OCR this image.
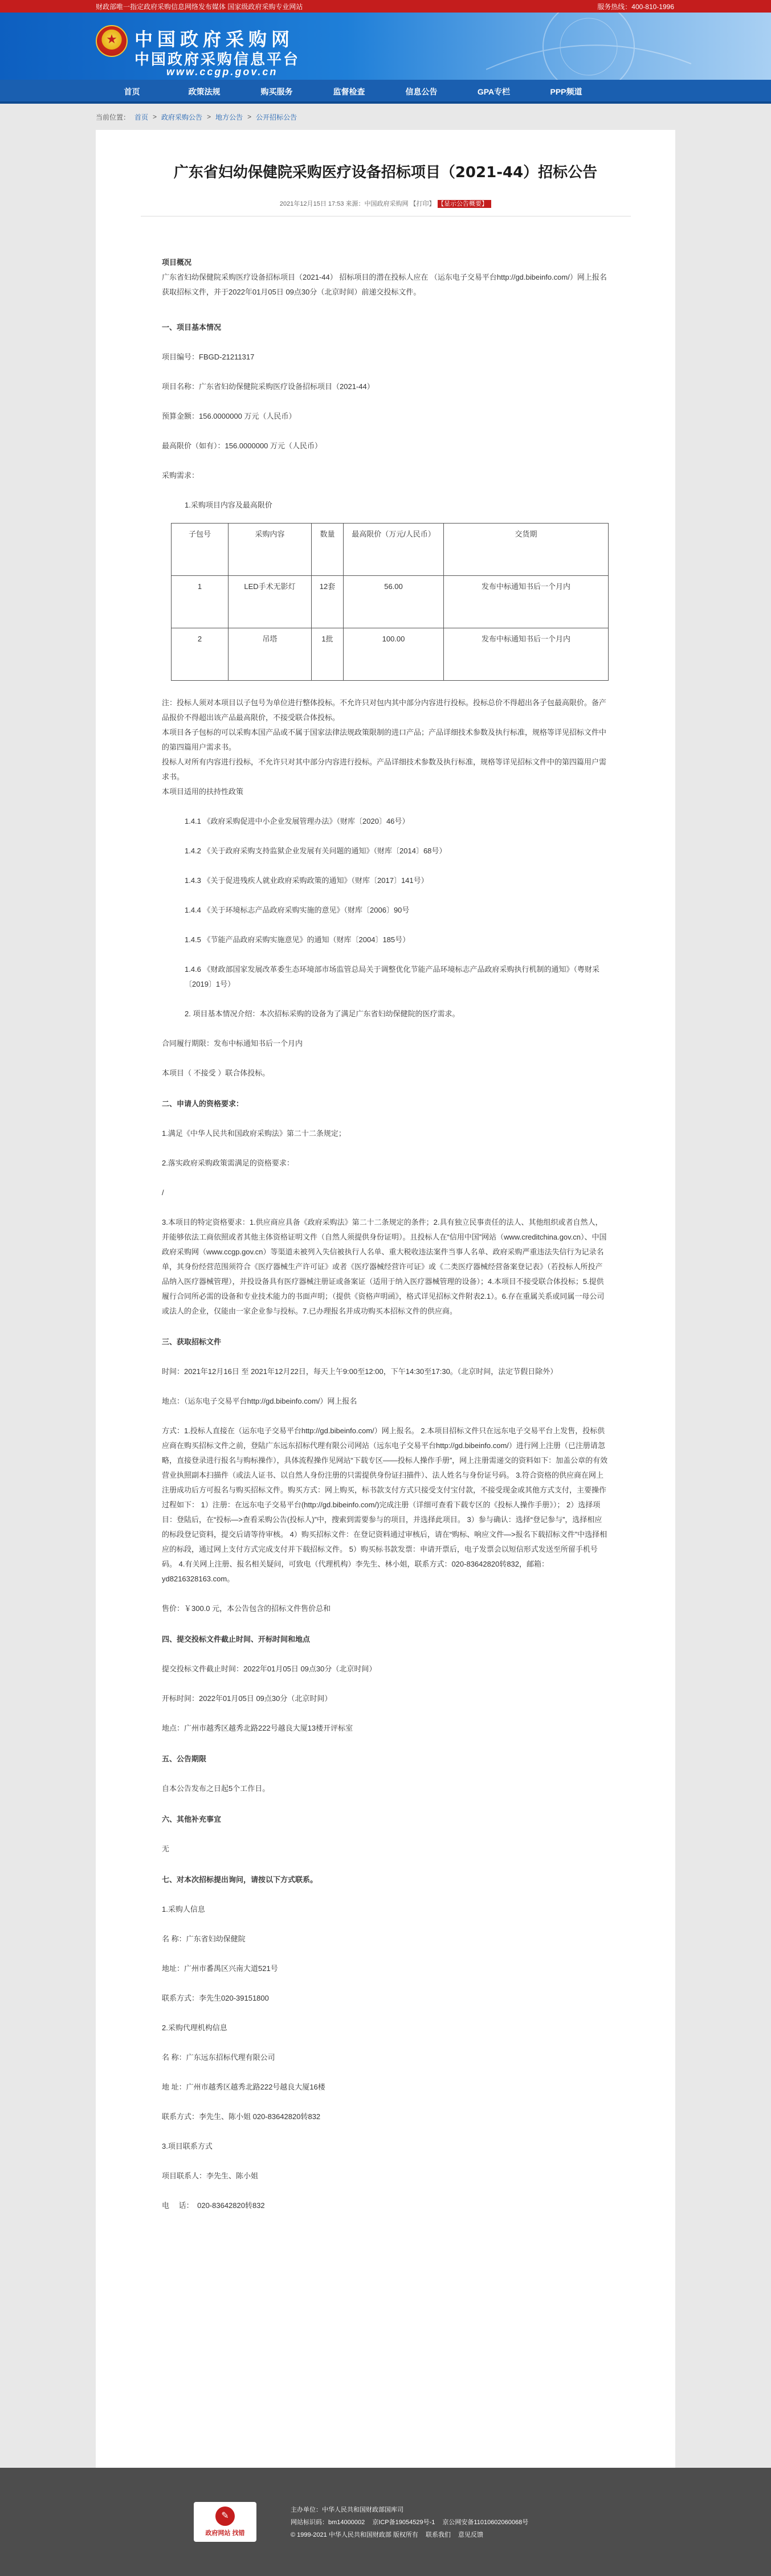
财政部唯一指定政府采购信息网络发布媒体 国家级政府采购专业网站	服务热线：400-810-1996
★
中国政府采购网
中国政府采购信息平台
www.ccgp.gov.cn
首页	政策法规	购买服务	监督检查	信息公告	GPA专栏	PPP频道
当前位置： 首页 > 政府采购公告 > 地方公告 > 公开招标公告
广东省妇幼保健院采购医疗设备招标项目（2021-44）招标公告
2021年12月15日 17:53 来源：中国政府采购网 【打印】 【显示公告概要】

项目概况

广东省妇幼保健院采购医疗设备招标项目（2021-44） 招标项目的潜在投标人应在 （运东电子交易平台http://gd.bibeinfo.com/）网上报名获取招标文件，并于2022年01月05日 09点30分（北京时间）前递交投标文件。

一、项目基本情况

项目编号：FBGD-21211317

项目名称：广东省妇幼保健院采购医疗设备招标项目（2021-44）

预算金额：156.0000000 万元（人民币）

最高限价（如有）：156.0000000 万元（人民币）

采购需求：

1.采购项目内容及最高限价

子包号	采购内容	数量	最高限价（万元/人民币）	交货期
1	LED手术无影灯	12套	56.00	发布中标通知书后一个月内
2	吊塔	1批	100.00	发布中标通知书后一个月内

注：投标人须对本项目以子包号为单位进行整体投标。不允许只对包内其中部分内容进行投标。投标总价不得超出各子包最高限价。备产品报价不得超出该产品最高限价，不接受联合体投标。

本项目各子包标的可以采购本国产品或不属于国家法律法规政策限制的进口产品；产品详细技术参数及执行标准，规格等详见招标文件中的第四篇用户需求书。

投标人对所有内容进行投标，不允许只对其中部分内容进行投标。产品详细技术参数及执行标准，规格等详见招标文件中的第四篇用户需求书。

本项目适用的扶持性政策

1.4.1 《政府采购促进中小企业发展管理办法》（财库〔2020〕46号）

1.4.2 《关于政府采购支持监狱企业发展有关问题的通知》（财库〔2014〕68号）

1.4.3 《关于促进残疾人就业政府采购政策的通知》（财库〔2017〕141号）

1.4.4 《关于环境标志产品政府采购实施的意见》（财库〔2006〕90号

1.4.5 《节能产品政府采购实施意见》的通知（财库〔2004〕185号）

1.4.6 《财政部国家发展改革委生态环境部市场监管总局关于调整优化节能产品环境标志产品政府采购执行机制的通知》（粤财采〔2019〕1号）

2. 项目基本情况介绍：本次招标采购的设备为了满足广东省妇幼保健院的医疗需求。

合同履行期限：发布中标通知书后一个月内

本项目（ 不接受 ）联合体投标。

二、申请人的资格要求：

1.满足《中华人民共和国政府采购法》第二十二条规定；

2.落实政府采购政策需满足的资格要求：

/

3.本项目的特定资格要求：1.供应商应具备《政府采购法》第二十二条规定的条件；2.具有独立民事责任的法人、其他组织或者自然人，并能够依法工商依照或者其他主体资格证明文件（自然人须提供身份证明）。且投标人在“信用中国”网站（www.creditchina.gov.cn）、中国政府采购网（www.ccgp.gov.cn）等渠道未被列入失信被执行人名单、重大税收违法案件当事人名单、政府采购严重违法失信行为记录名单，其身份经营范围须符合《医疗器械生产许可证》或者《医疗器械经营许可证》或《二类医疗器械经营备案登记表》（若投标人所投产品纳入医疗器械管理），并投设备具有医疗器械注册证或备案证（适用于纳入医疗器械管理的设备）；4.本项目不接受联合体投标；5.提供履行合同所必需的设备和专业技术能力的书面声明；（提供《资格声明函》，格式详见招标文件附表2.1）。6.存在重属关系或同属一母公司或法人的企业，仅能由一家企业参与投标。7.已办理报名并成功购买本招标文件的供应商。

三、获取招标文件

时间：2021年12月16日 至 2021年12月22日，每天上午9:00至12:00，下午14:30至17:30。（北京时间，法定节假日除外）

地点：（运东电子交易平台http://gd.bibeinfo.com/）网上报名

方式：1.投标人直接在（运东电子交易平台http://gd.bibeinfo.com/）网上报名。 2.本项目招标文件只在远东电子交易平台上发售，投标供应商在购买招标文件之前，登陆广东远东招标代理有限公司网站（远东电子交易平台http://gd.bibeinfo.com/）进行网上注册（已注册请忽略，直接登录进行报名与购标操作），具体流程操作见网站“下载专区——投标人操作手册”，网上注册需递交的资料如下：加盖公章的有效营业执照副本扫描件（或法人证书、以自然人身份注册的只需提供身份证扫描件）、法人姓名与身份证号码。 3.符合资格的供应商在网上注册成功后方可报名与购买招标文件。购买方式：网上购买，标书款支付方式只接受支付宝付款，不接受现金或其他方式支付，主要操作过程如下： 1）注册：在远东电子交易平台(http://gd.bibeinfo.com/)完成注册（详细可查看下载专区的《投标人操作手册》）； 2）选择项目：登陆后，在“投标—>查看采购公告(投标人)”中，搜索到需要参与的项目，并选择此项目。 3）参与确认：选择“登记参与”，选择相应的标段登记资料，提交后请等待审核。 4）购买招标文件：在登记资料通过审核后，请在“购标、响应文件—>报名下载招标文件”中选择相应的标段，通过网上支付方式完成支付并下载招标文件。 5）购买标书款发票：申请开票后，电子发票会以短信形式发送至所留手机号码。 4.有关网上注册、报名相关疑问，可致电（代理机构）李先生、林小姐，联系方式：020-83642820转832，邮箱：yd8216328163.com。

售价：￥300.0 元，本公告包含的招标文件售价总和

四、提交投标文件截止时间、开标时间和地点

提交投标文件截止时间：2022年01月05日 09点30分（北京时间）

开标时间：2022年01月05日 09点30分（北京时间）

地点：广州市越秀区越秀北路222号越良大厦13楼开评标室

五、公告期限

自本公告发布之日起5个工作日。

六、其他补充事宜

无

七、对本次招标提出询问，请按以下方式联系。

1.采购人信息

名 称：广东省妇幼保健院

地址：广州市番禺区兴南大道521号

联系方式：李先生020-39151800

2.采购代理机构信息

名 称：广东远东招标代理有限公司

地 址：广州市越秀区越秀北路222号越良大厦16楼

联系方式：李先生、陈小姐 020-83642820转832

3.项目联系方式

项目联系人：李先生、陈小姐

电　 话：　020-83642820转832

✎
政府网站 找错
主办单位：中华人民共和国财政部国库司
网站标识码：bm14000002 京ICP备19054529号-1 京公网安备11010602060068号
© 1999-2021 中华人民共和国财政部 版权所有 联系我们 意见反馈
